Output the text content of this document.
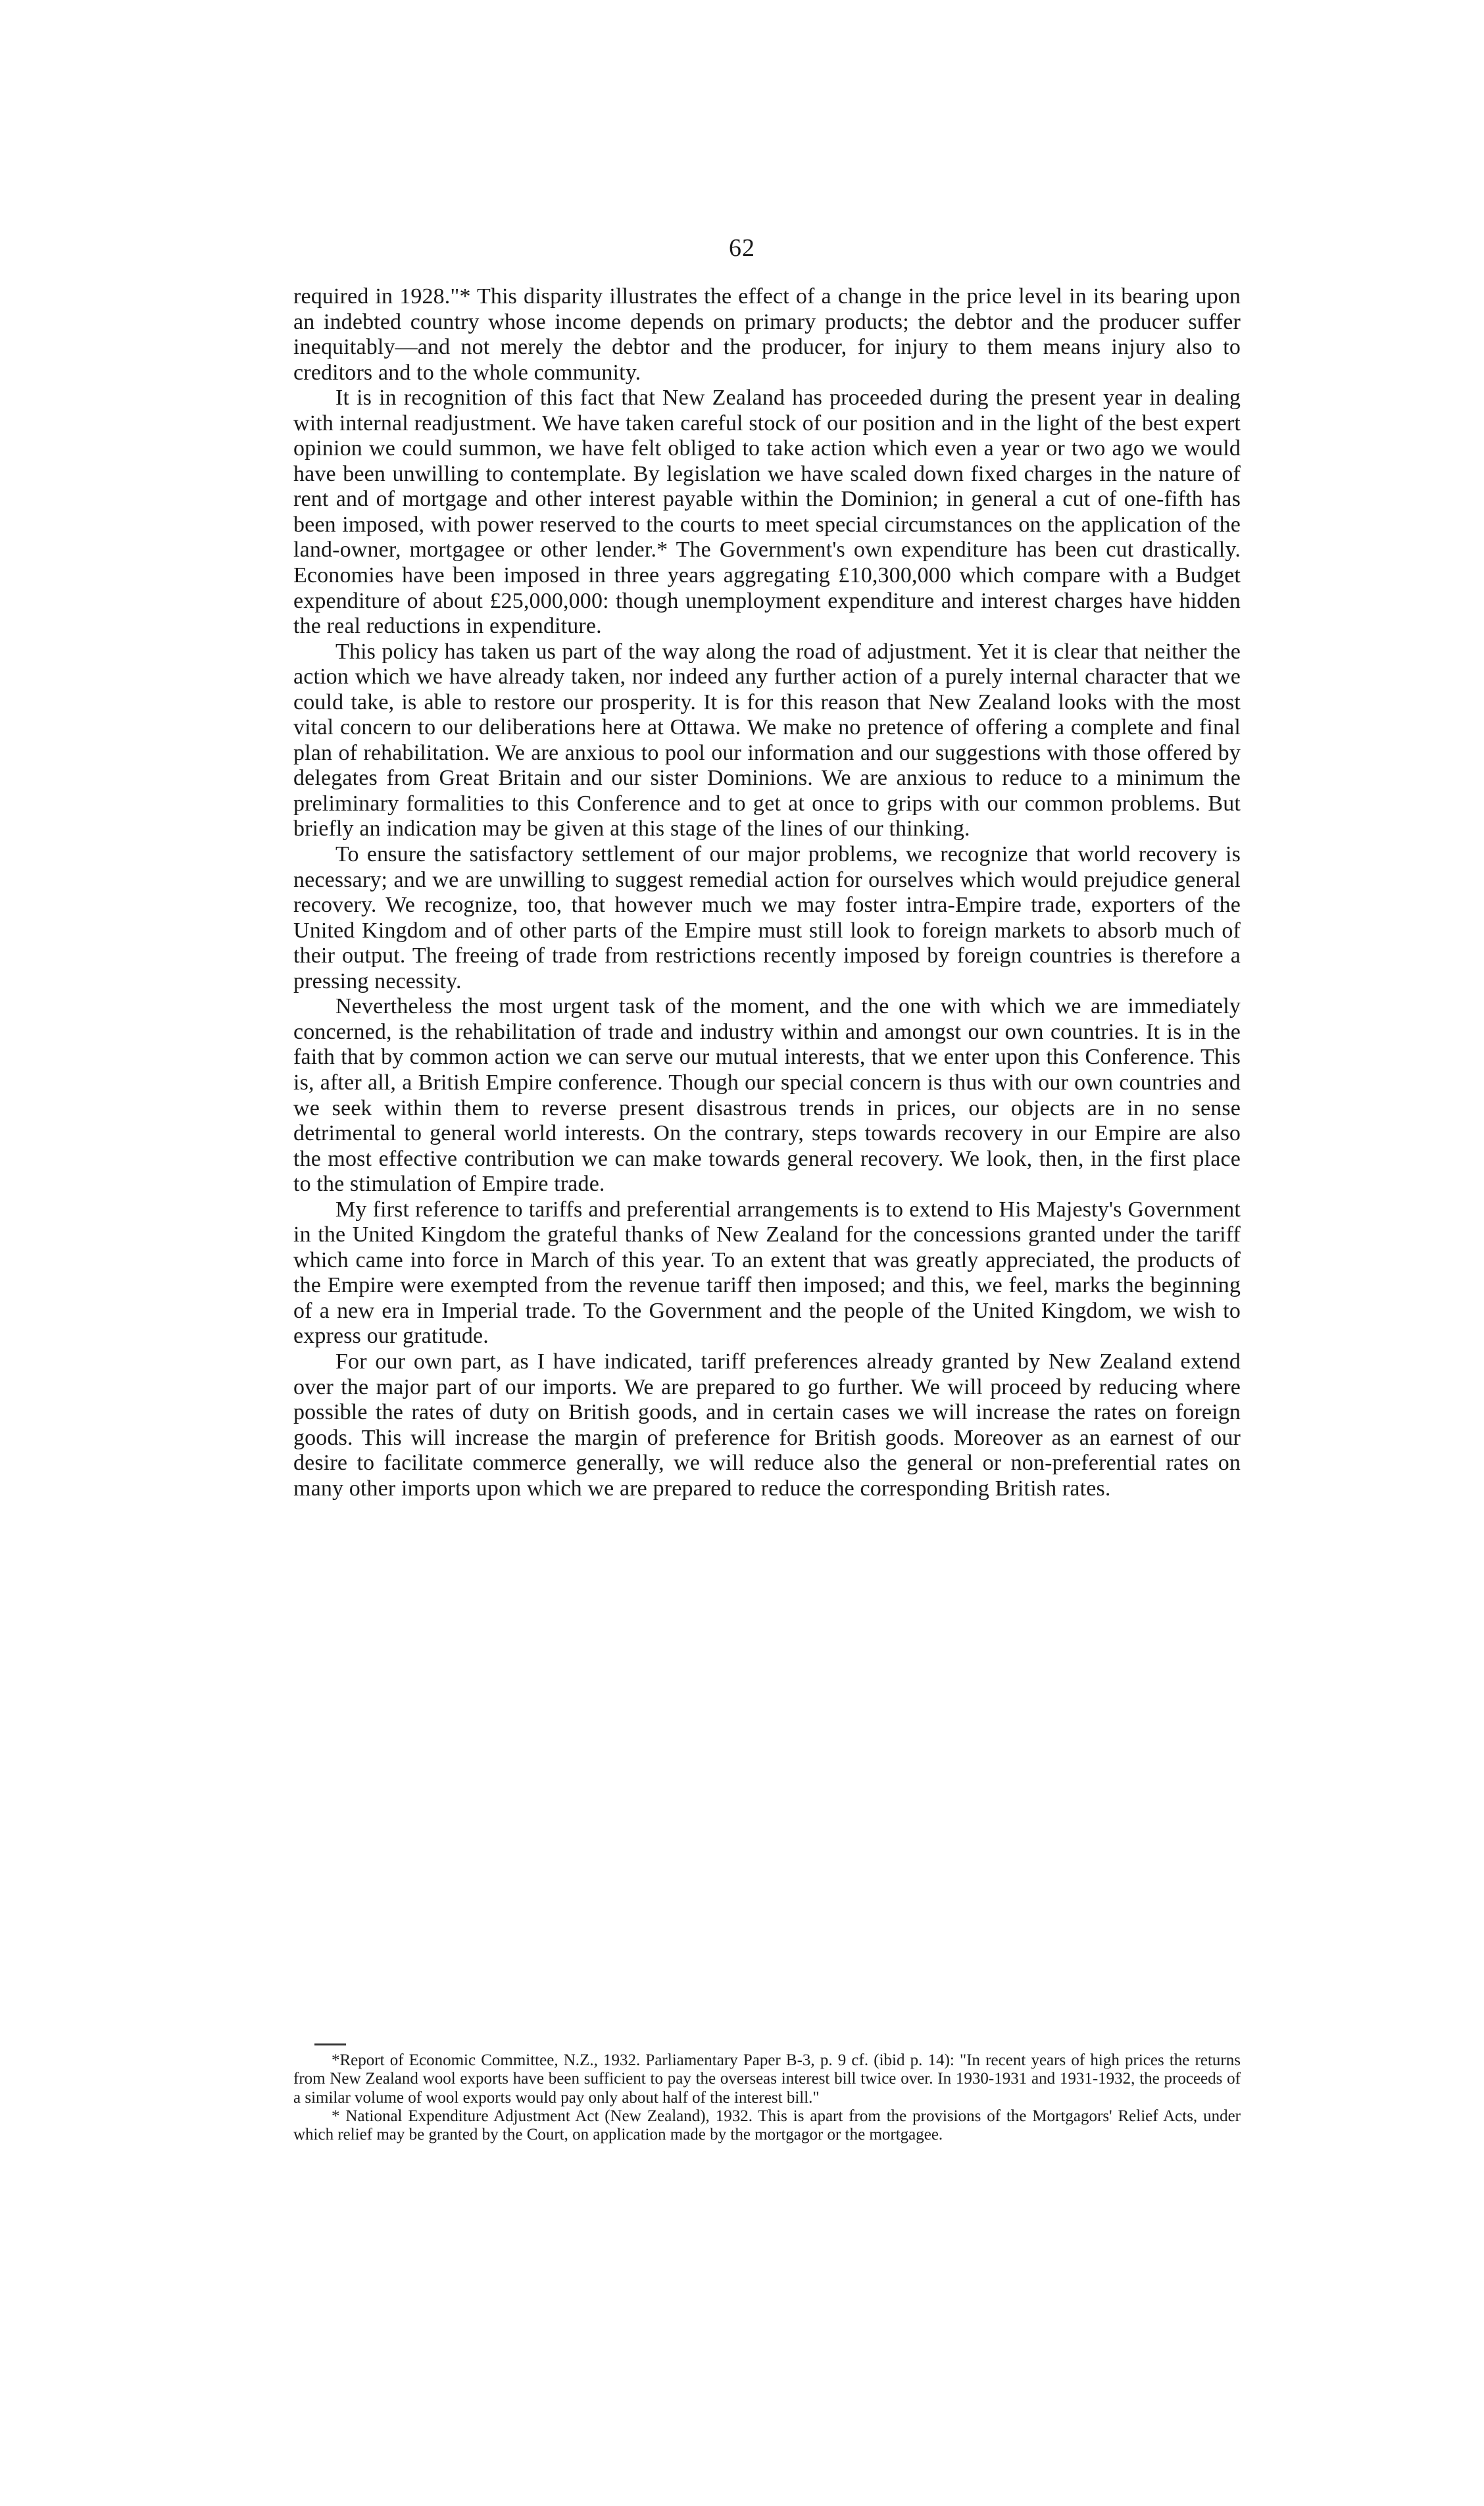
62

required in 1928."* This disparity illustrates the effect of a change in the price level in its bearing upon an indebted country whose income depends on primary products; the debtor and the producer suffer inequitably—and not merely the debtor and the producer, for injury to them means injury also to creditors and to the whole community.

It is in recognition of this fact that New Zealand has proceeded during the present year in dealing with internal readjustment. We have taken careful stock of our position and in the light of the best expert opinion we could summon, we have felt obliged to take action which even a year or two ago we would have been unwilling to contemplate. By legislation we have scaled down fixed charges in the nature of rent and of mortgage and other interest payable within the Dominion; in general a cut of one-fifth has been imposed, with power reserved to the courts to meet special circumstances on the application of the land-owner, mortgagee or other lender.* The Government's own expenditure has been cut drastically. Economies have been imposed in three years aggregating £10,300,000 which compare with a Budget expenditure of about £25,000,000: though unemployment expenditure and interest charges have hidden the real reductions in expenditure.

This policy has taken us part of the way along the road of adjustment. Yet it is clear that neither the action which we have already taken, nor indeed any further action of a purely internal character that we could take, is able to restore our prosperity. It is for this reason that New Zealand looks with the most vital concern to our deliberations here at Ottawa. We make no pretence of offering a complete and final plan of rehabilitation. We are anxious to pool our information and our suggestions with those offered by delegates from Great Britain and our sister Dominions. We are anxious to reduce to a minimum the preliminary formalities to this Conference and to get at once to grips with our common problems. But briefly an indication may be given at this stage of the lines of our thinking.

To ensure the satisfactory settlement of our major problems, we recognize that world recovery is necessary; and we are unwilling to suggest remedial action for ourselves which would prejudice general recovery. We recognize, too, that however much we may foster intra-Empire trade, exporters of the United Kingdom and of other parts of the Empire must still look to foreign markets to absorb much of their output. The freeing of trade from restrictions recently imposed by foreign countries is therefore a pressing necessity.

Nevertheless the most urgent task of the moment, and the one with which we are immediately concerned, is the rehabilitation of trade and industry within and amongst our own countries. It is in the faith that by common action we can serve our mutual interests, that we enter upon this Conference. This is, after all, a British Empire conference. Though our special concern is thus with our own countries and we seek within them to reverse present disastrous trends in prices, our objects are in no sense detrimental to general world interests. On the contrary, steps towards recovery in our Empire are also the most effective contribution we can make towards general recovery. We look, then, in the first place to the stimulation of Empire trade.

My first reference to tariffs and preferential arrangements is to extend to His Majesty's Government in the United Kingdom the grateful thanks of New Zealand for the concessions granted under the tariff which came into force in March of this year. To an extent that was greatly appreciated, the products of the Empire were exempted from the revenue tariff then imposed; and this, we feel, marks the beginning of a new era in Imperial trade. To the Government and the people of the United Kingdom, we wish to express our gratitude.

For our own part, as I have indicated, tariff preferences already granted by New Zealand extend over the major part of our imports. We are prepared to go further. We will proceed by reducing where possible the rates of duty on British goods, and in certain cases we will increase the rates on foreign goods. This will increase the margin of preference for British goods. Moreover as an earnest of our desire to facilitate commerce generally, we will reduce also the general or non-preferential rates on many other imports upon which we are prepared to reduce the corresponding British rates.

*Report of Economic Committee, N.Z., 1932. Parliamentary Paper B-3, p. 9 cf. (ibid p. 14): "In recent years of high prices the returns from New Zealand wool exports have been sufficient to pay the overseas interest bill twice over. In 1930-1931 and 1931-1932, the proceeds of a similar volume of wool exports would pay only about half of the interest bill."

* National Expenditure Adjustment Act (New Zealand), 1932. This is apart from the provisions of the Mortgagors' Relief Acts, under which relief may be granted by the Court, on application made by the mortgagor or the mortgagee.
